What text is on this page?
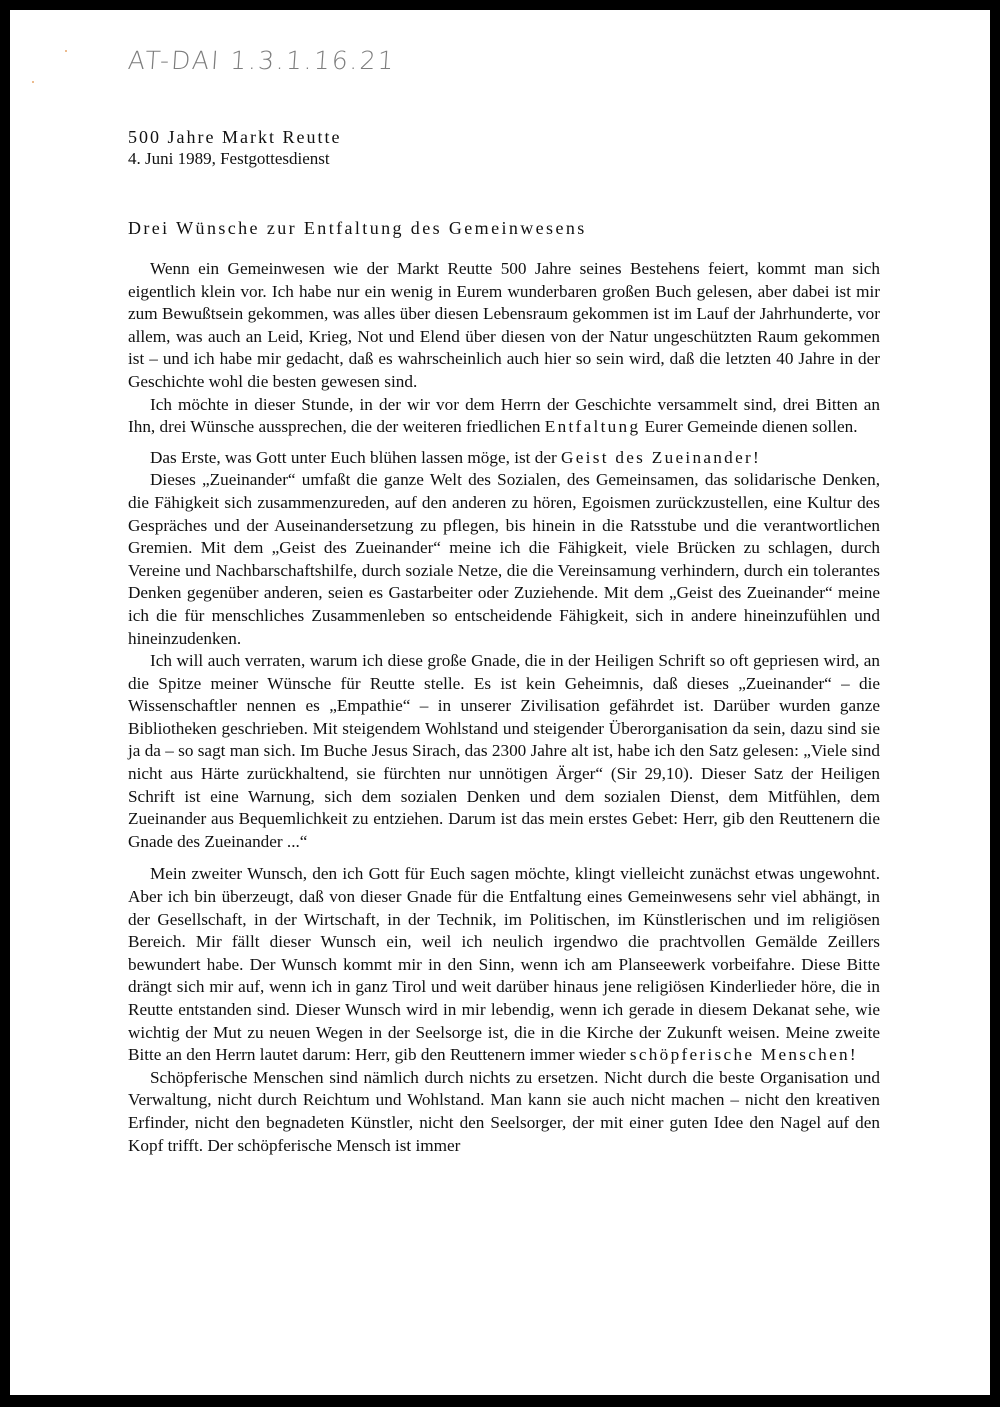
AT-DAI 1.3.1.16.21

500 Jahre Markt Reutte

4. Juni 1989, Festgottesdienst

Drei Wünsche zur Entfaltung des Gemeinwesens

Wenn ein Gemeinwesen wie der Markt Reutte 500 Jahre seines Bestehens feiert, kommt man sich eigentlich klein vor. Ich habe nur ein wenig in Eurem wunderbaren großen Buch gelesen, aber dabei ist mir zum Bewußtsein gekommen, was alles über diesen Lebensraum gekommen ist im Lauf der Jahrhunderte, vor allem, was auch an Leid, Krieg, Not und Elend über diesen von der Natur ungeschützten Raum gekommen ist – und ich habe mir gedacht, daß es wahrscheinlich auch hier so sein wird, daß die letzten 40 Jahre in der Geschichte wohl die besten gewesen sind.

Ich möchte in dieser Stunde, in der wir vor dem Herrn der Geschichte versammelt sind, drei Bitten an Ihn, drei Wünsche aussprechen, die der weiteren friedlichen Entfaltung Eurer Gemeinde dienen sollen.

Das Erste, was Gott unter Euch blühen lassen möge, ist der Geist des Zueinander!

Dieses „Zueinander“ umfaßt die ganze Welt des Sozialen, des Gemeinsamen, das solidarische Denken, die Fähigkeit sich zusammenzureden, auf den anderen zu hören, Egoismen zurückzustellen, eine Kultur des Gespräches und der Auseinandersetzung zu pflegen, bis hinein in die Ratsstube und die verantwortlichen Gremien. Mit dem „Geist des Zueinander“ meine ich die Fähigkeit, viele Brücken zu schlagen, durch Vereine und Nachbarschaftshilfe, durch soziale Netze, die die Vereinsamung verhindern, durch ein tolerantes Denken gegenüber anderen, seien es Gastarbeiter oder Zuziehende. Mit dem „Geist des Zueinander“ meine ich die für menschliches Zusammenleben so entscheidende Fähigkeit, sich in andere hineinzufühlen und hineinzudenken.

Ich will auch verraten, warum ich diese große Gnade, die in der Heiligen Schrift so oft gepriesen wird, an die Spitze meiner Wünsche für Reutte stelle. Es ist kein Geheimnis, daß dieses „Zueinander“ – die Wissenschaftler nennen es „Empathie“ – in unserer Zivilisation gefährdet ist. Darüber wurden ganze Bibliotheken geschrieben. Mit steigendem Wohlstand und steigender Überorganisation da sein, dazu sind sie ja da – so sagt man sich. Im Buche Jesus Sirach, das 2300 Jahre alt ist, habe ich den Satz gelesen: „Viele sind nicht aus Härte zurückhaltend, sie fürchten nur unnötigen Ärger“ (Sir 29,10). Dieser Satz der Heiligen Schrift ist eine Warnung, sich dem sozialen Denken und dem sozialen Dienst, dem Mitfühlen, dem Zueinander aus Bequemlichkeit zu entziehen. Darum ist das mein erstes Gebet: Herr, gib den Reuttenern die Gnade des Zueinander ...“

Mein zweiter Wunsch, den ich Gott für Euch sagen möchte, klingt vielleicht zunächst etwas ungewohnt. Aber ich bin überzeugt, daß von dieser Gnade für die Entfaltung eines Gemeinwesens sehr viel abhängt, in der Gesellschaft, in der Wirtschaft, in der Technik, im Politischen, im Künstlerischen und im religiösen Bereich. Mir fällt dieser Wunsch ein, weil ich neulich irgendwo die prachtvollen Gemälde Zeillers bewundert habe. Der Wunsch kommt mir in den Sinn, wenn ich am Planseewerk vorbeifahre. Diese Bitte drängt sich mir auf, wenn ich in ganz Tirol und weit darüber hinaus jene religiösen Kinderlieder höre, die in Reutte entstanden sind. Dieser Wunsch wird in mir lebendig, wenn ich gerade in diesem Dekanat sehe, wie wichtig der Mut zu neuen Wegen in der Seelsorge ist, die in die Kirche der Zukunft weisen. Meine zweite Bitte an den Herrn lautet darum: Herr, gib den Reuttenern immer wieder schöpferische Menschen!

Schöpferische Menschen sind nämlich durch nichts zu ersetzen. Nicht durch die beste Organisation und Verwaltung, nicht durch Reichtum und Wohlstand. Man kann sie auch nicht machen – nicht den kreativen Erfinder, nicht den begnadeten Künstler, nicht den Seelsorger, der mit einer guten Idee den Nagel auf den Kopf trifft. Der schöpferische Mensch ist immer
